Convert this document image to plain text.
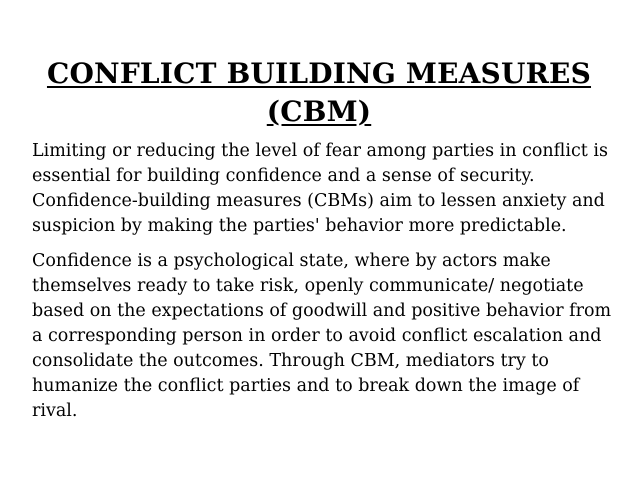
CONFLICT BUILDING MEASURES
(CBM)

Limiting or reducing the level of fear among parties in conflict is essential for building confidence and a sense of security. Confidence-building measures (CBMs) aim to lessen anxiety and suspicion by making the parties' behavior more predictable.

Confidence is a psychological state, where by actors make themselves ready to take risk, openly communicate/ negotiate based on the expectations of goodwill and positive behavior from a corresponding person in order to avoid conflict escalation and consolidate the outcomes. Through CBM, mediators try to humanize the conflict parties and to break down the image of rival.
